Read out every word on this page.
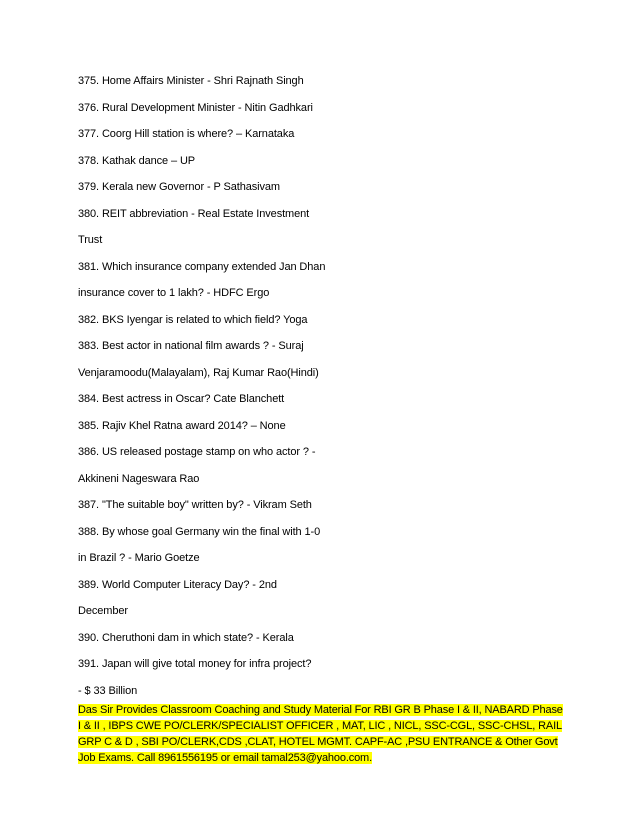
375. Home Affairs Minister - Shri Rajnath Singh
376. Rural Development Minister - Nitin Gadhkari
377. Coorg Hill station is where? – Karnataka
378. Kathak dance – UP
379. Kerala new Governor - P Sathasivam
380. REIT abbreviation - Real Estate Investment
Trust
381. Which insurance company extended Jan Dhan
insurance cover to 1 lakh? - HDFC Ergo
382. BKS Iyengar is related to which field? Yoga
383. Best actor in national film awards ? - Suraj
Venjaramoodu(Malayalam), Raj Kumar Rao(Hindi)
384. Best actress in Oscar? Cate Blanchett
385. Rajiv Khel Ratna award 2014? – None
386. US released postage stamp on who actor ? -
Akkineni Nageswara Rao
387. "The suitable boy" written by? - Vikram Seth
388. By whose goal Germany win the final with 1-0
in Brazil ? - Mario Goetze
389. World Computer Literacy Day? - 2nd
December
390. Cheruthoni dam in which state? - Kerala
391. Japan will give total money for infra project?
- $ 33 Billion

Das Sir Provides Classroom Coaching and Study Material For RBI GR B Phase I & II, NABARD Phase I & II , IBPS CWE PO/CLERK/SPECIALIST OFFICER , MAT, LIC , NICL, SSC-CGL, SSC-CHSL, RAIL GRP C & D , SBI PO/CLERK,CDS ,CLAT, HOTEL MGMT. CAPF-AC ,PSU ENTRANCE & Other Govt Job Exams. Call 8961556195 or email tamal253@yahoo.com.
